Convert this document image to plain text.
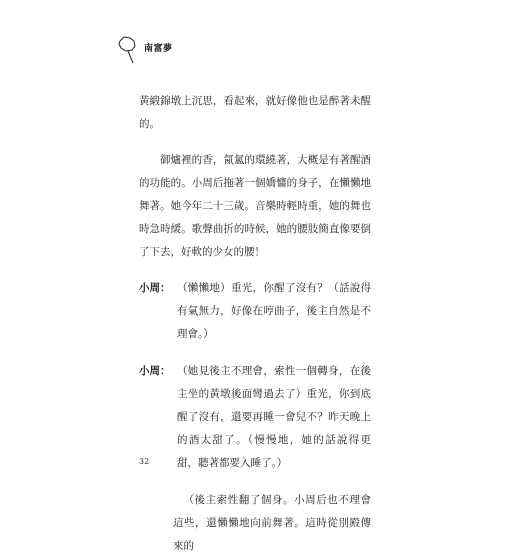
南富夢

黃緞錦墩上沉思，看起來，就好像他也是醉著未醒的。

御爐裡的香，氤氳的環繞著，大概是有著醒酒的功能的。小周后拖著一個嬌慵的身子，在懶懶地舞著。她今年二十三歲。音樂時輕時重，她的舞也時急時緩。歌聲曲折的時候，她的腰肢簡直像要倒了下去，好軟的少女的腰！

小周： （懶懶地）重光，你醒了沒有？（話說得有氣無力，好像在哼曲子，後主自然是不理會。）
小周： （她見後主不理會，索性一個轉身，在後主坐的黃墩後面彎過去了）重光，你到底醒了沒有，還要再睡一會兒不？昨天晚上的酒太甜了。（慢慢地，她的話說得更甜，聽著都要入睡了。）

（後主索性翻了個身。小周后也不理會這些，還懶懶地向前舞著。這時從別殿傳來的

32
